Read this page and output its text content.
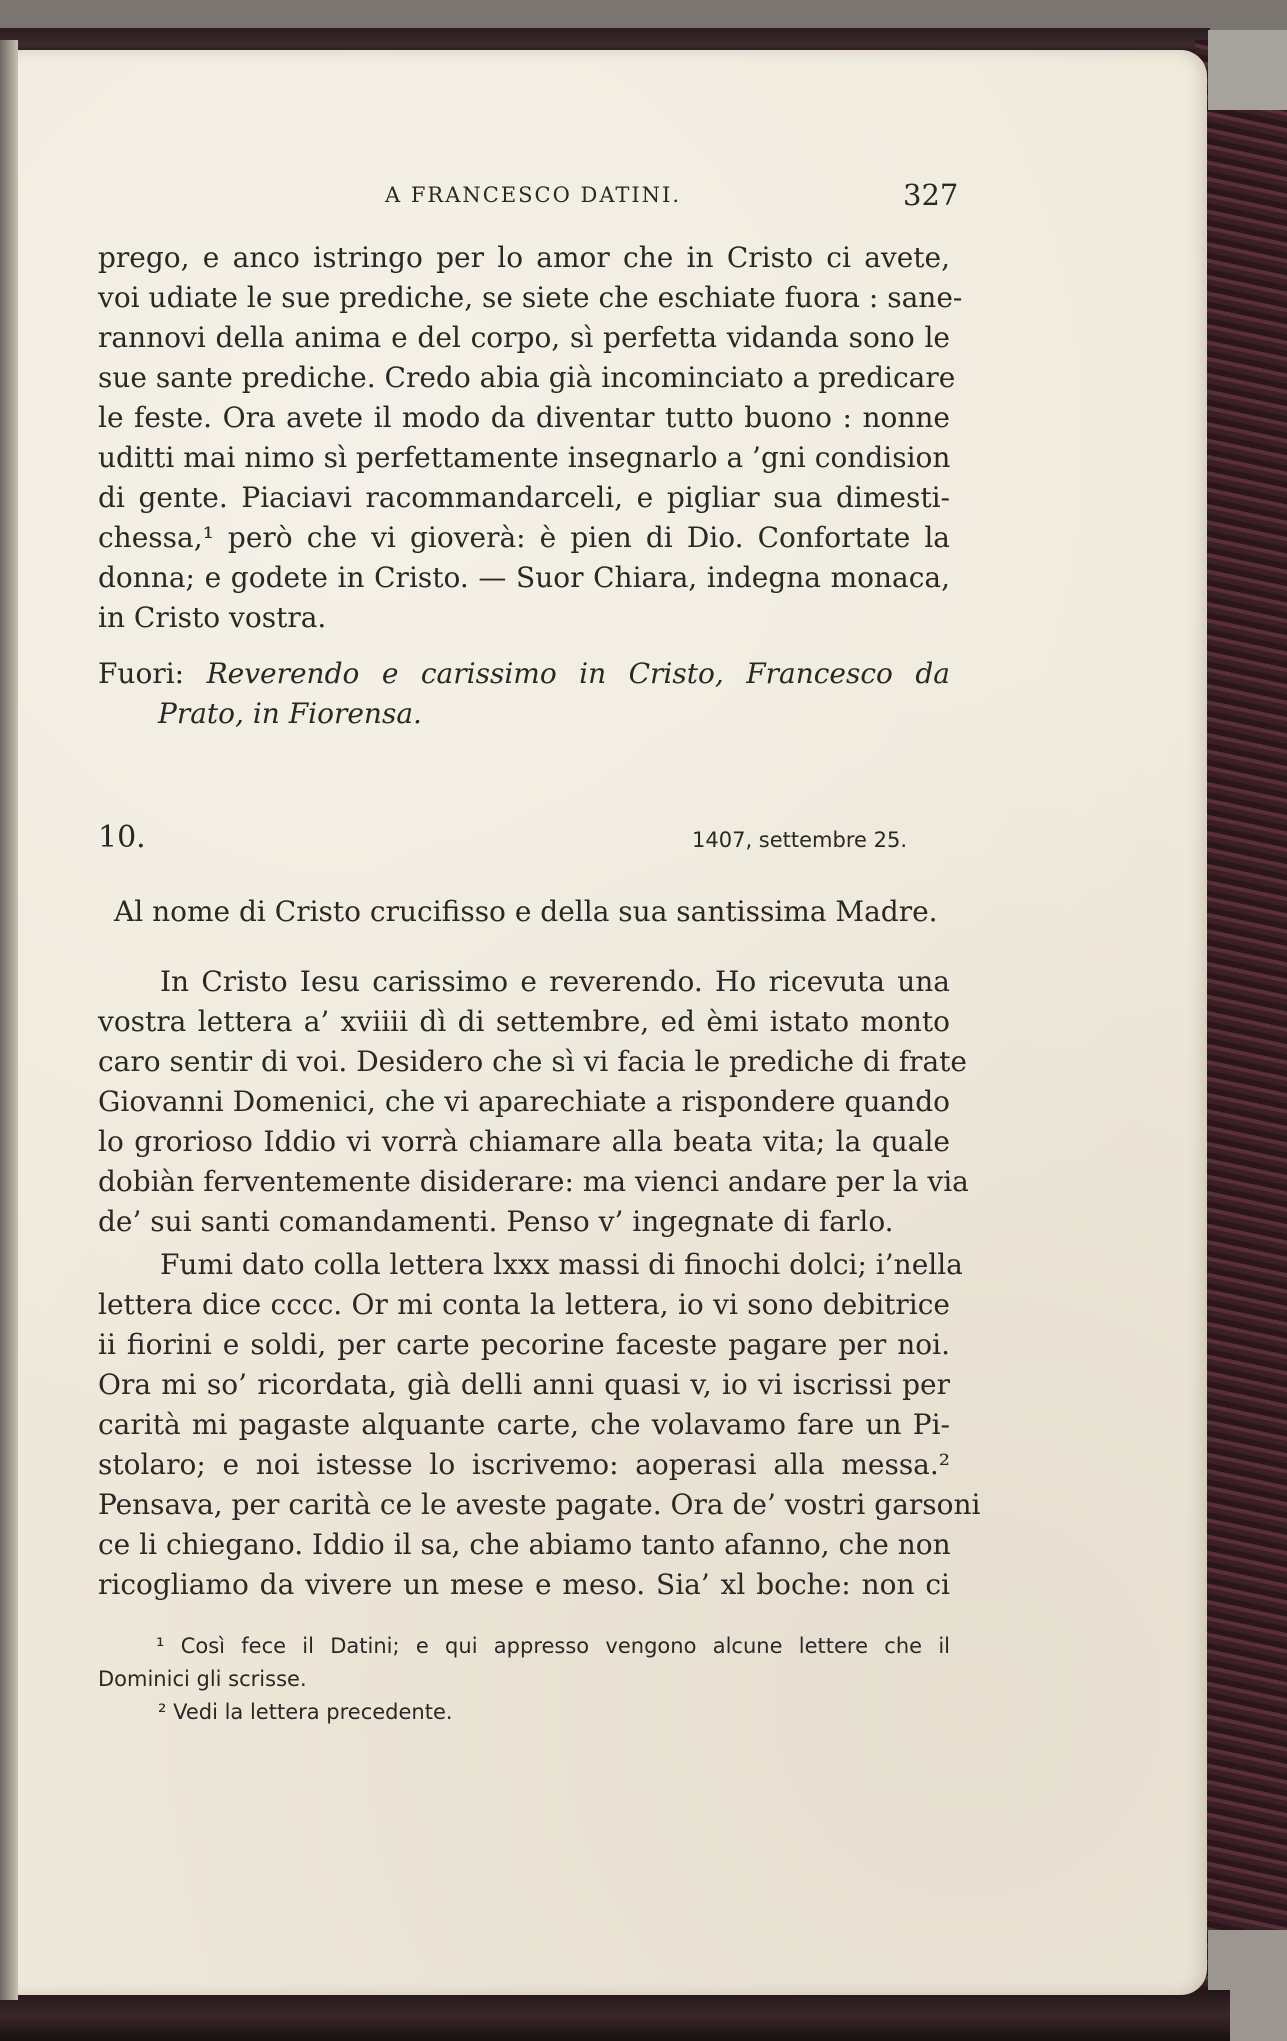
A FRANCESCO DATINI.	327
prego, e anco istringo per lo amor che in Cristo ci avete,
voi udiate le sue prediche, se siete che eschiate fuora : sane-
rannovi della anima e del corpo, sì perfetta vidanda sono le
sue sante prediche. Credo abia già incominciato a predicare
le feste. Ora avete il modo da diventar tutto buono : nonne
uditti mai nimo sì perfettamente insegnarlo a ’gni condision
di gente. Piaciavi racommandarceli, e pigliar sua dimesti-
chessa,¹ però che vi gioverà: è pien di Dio. Confortate la
donna; e godete in Cristo. — Suor Chiara, indegna monaca,
in Cristo vostra.
Fuori: Reverendo e carissimo in Cristo, Francesco da
Prato, in Fiorensa.
10.	1407, settembre 25.
Al nome di Cristo crucifisso e della sua santissima Madre.
In Cristo Iesu carissimo e reverendo. Ho ricevuta una
vostra lettera a’ xviiii dì di settembre, ed èmi istato monto
caro sentir di voi. Desidero che sì vi facia le prediche di frate
Giovanni Domenici, che vi aparechiate a rispondere quando
lo grorioso Iddio vi vorrà chiamare alla beata vita; la quale
dobiàn ferventemente disiderare: ma vienci andare per la via
de’ sui santi comandamenti. Penso v’ ingegnate di farlo.
Fumi dato colla lettera lxxx massi di finochi dolci; i’nella
lettera dice cccc. Or mi conta la lettera, io vi sono debitrice
ii fiorini e soldi, per carte pecorine faceste pagare per noi.
Ora mi so’ ricordata, già delli anni quasi v, io vi iscrissi per
carità mi pagaste alquante carte, che volavamo fare un Pi-
stolaro; e noi istesse lo iscrivemo: aoperasi alla messa.²
Pensava, per carità ce le aveste pagate. Ora de’ vostri garsoni
ce li chiegano. Iddio il sa, che abiamo tanto afanno, che non
ricogliamo da vivere un mese e meso. Sia’ xl boche: non ci
¹ Così fece il Datini; e qui appresso vengono alcune lettere che il
Dominici gli scrisse.
² Vedi la lettera precedente.
